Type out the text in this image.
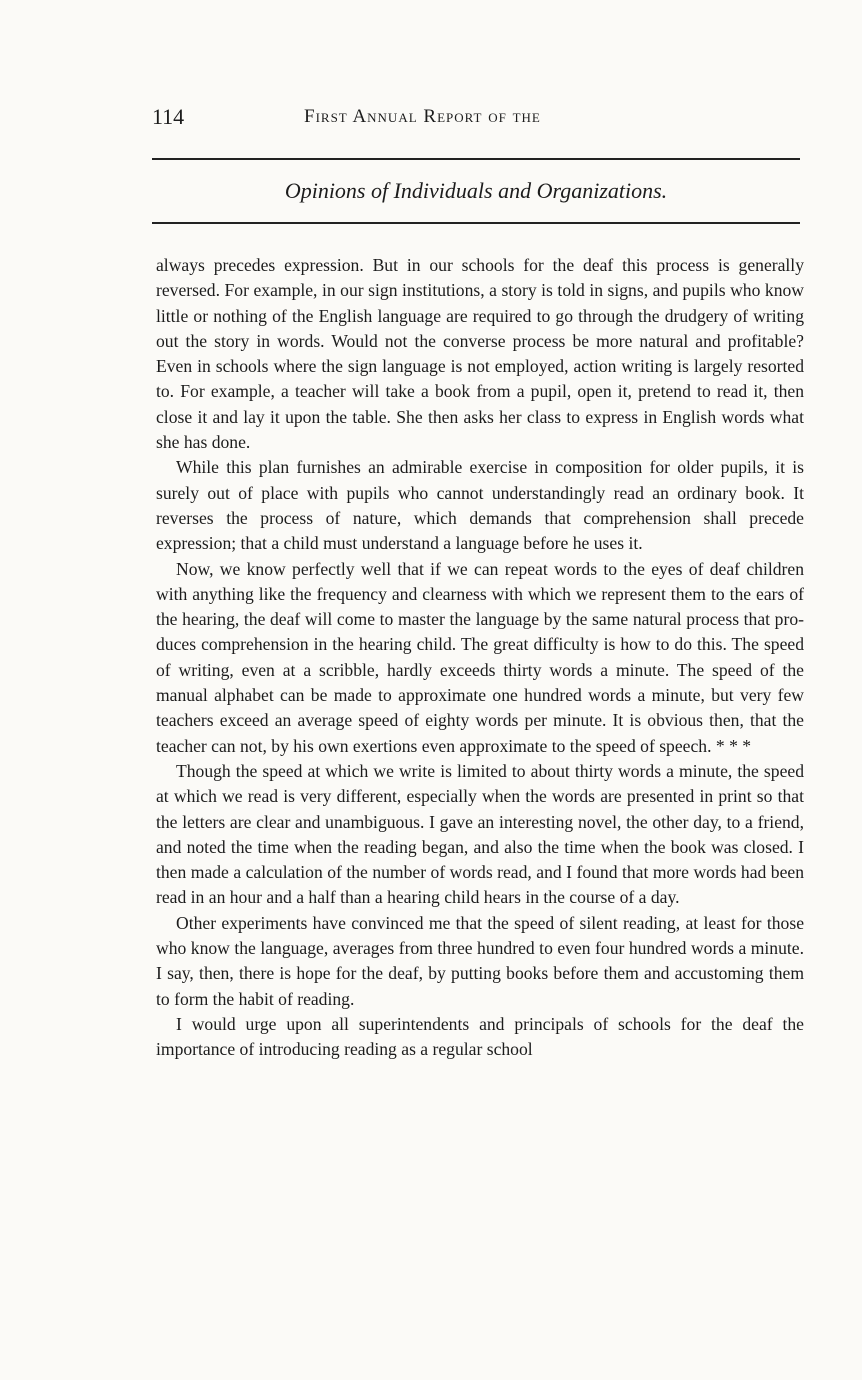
114	First Annual Report of the
Opinions of Individuals and Organizations.

always precedes expression. But in our schools for the deaf this process is generally reversed. For example, in our sign institutions, a story is told in signs, and pupils who know little or nothing of the English language are required to go through the drudgery of writing out the story in words. Would not the converse process be more natural and profitable? Even in schools where the sign language is not employed, action writing is largely resorted to. For example, a teacher will take a book from a pupil, open it, pretend to read it, then close it and lay it upon the table. She then asks her class to express in English words what she has done.

While this plan furnishes an admirable exercise in composition for older pupils, it is surely out of place with pupils who cannot understandingly read an ordinary book. It reverses the process of nature, which demands that comprehension shall precede expression; that a child must understand a language before he uses it.

Now, we know perfectly well that if we can repeat words to the eyes of deaf children with anything like the frequency and clearness with which we represent them to the ears of the hearing, the deaf will come to master the language by the same natural process that produces comprehension in the hearing child. The great difficulty is how to do this. The speed of writing, even at a scribble, hardly exceeds thirty words a minute. The speed of the manual alphabet can be made to approximate one hundred words a minute, but very few teachers exceed an average speed of eighty words per minute. It is obvious then, that the teacher can not, by his own exertions even approximate to the speed of speech. * * *

Though the speed at which we write is limited to about thirty words a minute, the speed at which we read is very different, especially when the words are presented in print so that the letters are clear and unambiguous. I gave an interesting novel, the other day, to a friend, and noted the time when the reading began, and also the time when the book was closed. I then made a calculation of the number of words read, and I found that more words had been read in an hour and a half than a hearing child hears in the course of a day.

Other experiments have convinced me that the speed of silent reading, at least for those who know the language, averages from three hundred to even four hundred words a minute. I say, then, there is hope for the deaf, by putting books before them and accustoming them to form the habit of reading.

I would urge upon all superintendents and principals of schools for the deaf the importance of introducing reading as a regular school
